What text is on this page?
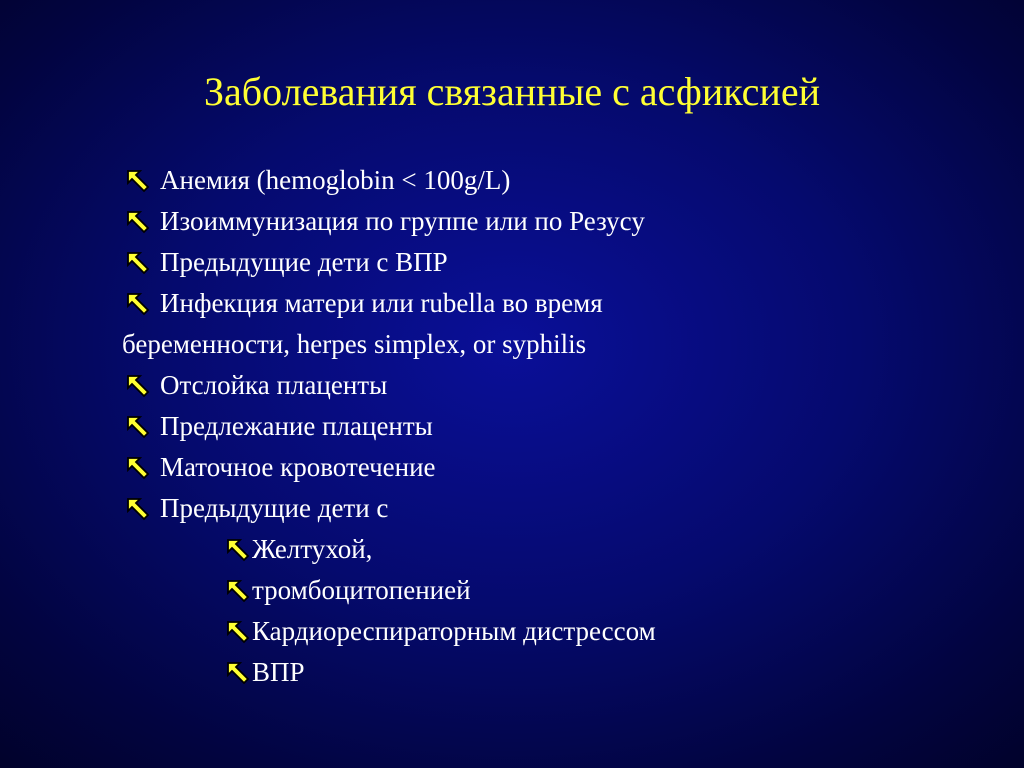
Заболевания связанные с асфиксией
Анемия (hemoglobin < 100g/L)
Изоиммунизация по группе или по Резусу
Предыдущие дети с ВПР
Инфекция матери или rubella во время
беременности, herpes simplex, or syphilis
Отслойка плаценты
Предлежание плаценты
Маточное кровотечение
Предыдущие дети с
Желтухой,
тромбоцитопенией
Кардиореспираторным дистрессом
ВПР
